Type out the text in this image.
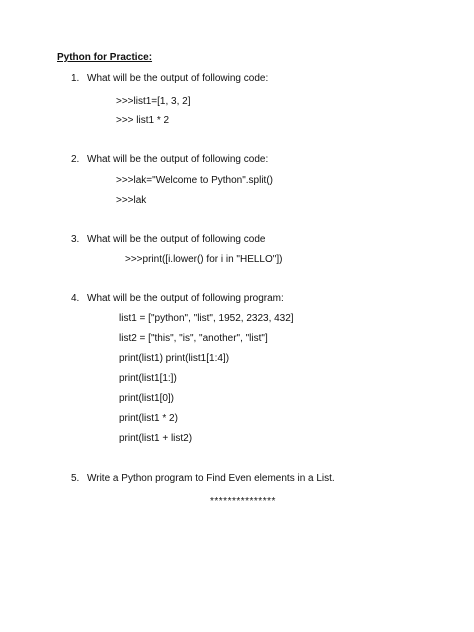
Python for Practice:
1. What will be the output of following code:
>>>list1=[1, 3, 2]
>>> list1 * 2
2. What will be the output of following code:
>>>lak="Welcome to Python".split()
>>>lak
3. What will be the output of following code
>>>print([i.lower() for i in "HELLO"])
4. What will be the output of following program:
list1 = ["python", "list", 1952, 2323, 432]
list2 = ["this", "is", "another", "list"]
print(list1) print(list1[1:4])
print(list1[1:])
print(list1[0])
print(list1 * 2)
print(list1 + list2)
5. Write a Python program to Find Even elements in a List.
***************
